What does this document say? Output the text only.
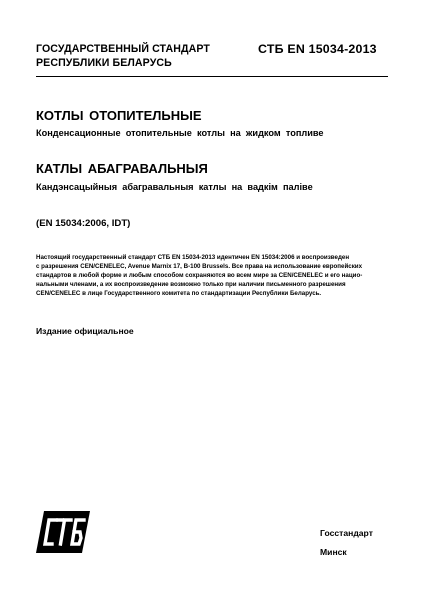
ГОСУДАРСТВЕННЫЙ СТАНДАРТ
РЕСПУБЛИКИ БЕЛАРУСЬ
СТБ EN 15034-2013
КОТЛЫ ОТОПИТЕЛЬНЫЕ
Конденсационные отопительные котлы на жидком топливе
КАТЛЫ АБАГРАВАЛЬНЫЯ
Кандэнсацыйныя абагравальныя катлы на вадкім паліве
(EN 15034:2006, IDT)
Настоящий государственный стандарт СТБ EN 15034-2013 идентичен EN 15034:2006 и воспроизведен
с разрешения CEN/CENELEC, Avenue Marnix 17, B-100 Brussels. Все права на использование европейских
стандартов в любой форме и любым способом сохраняются во всем мире за CEN/CENELEC и его нацио-
нальными членами, а их воспроизведение возможно только при наличии письменного разрешения
CEN/CENELEC в лице Государственного комитета по стандартизации Республики Беларусь.
Издание официальное
Госстандарт
Минск
